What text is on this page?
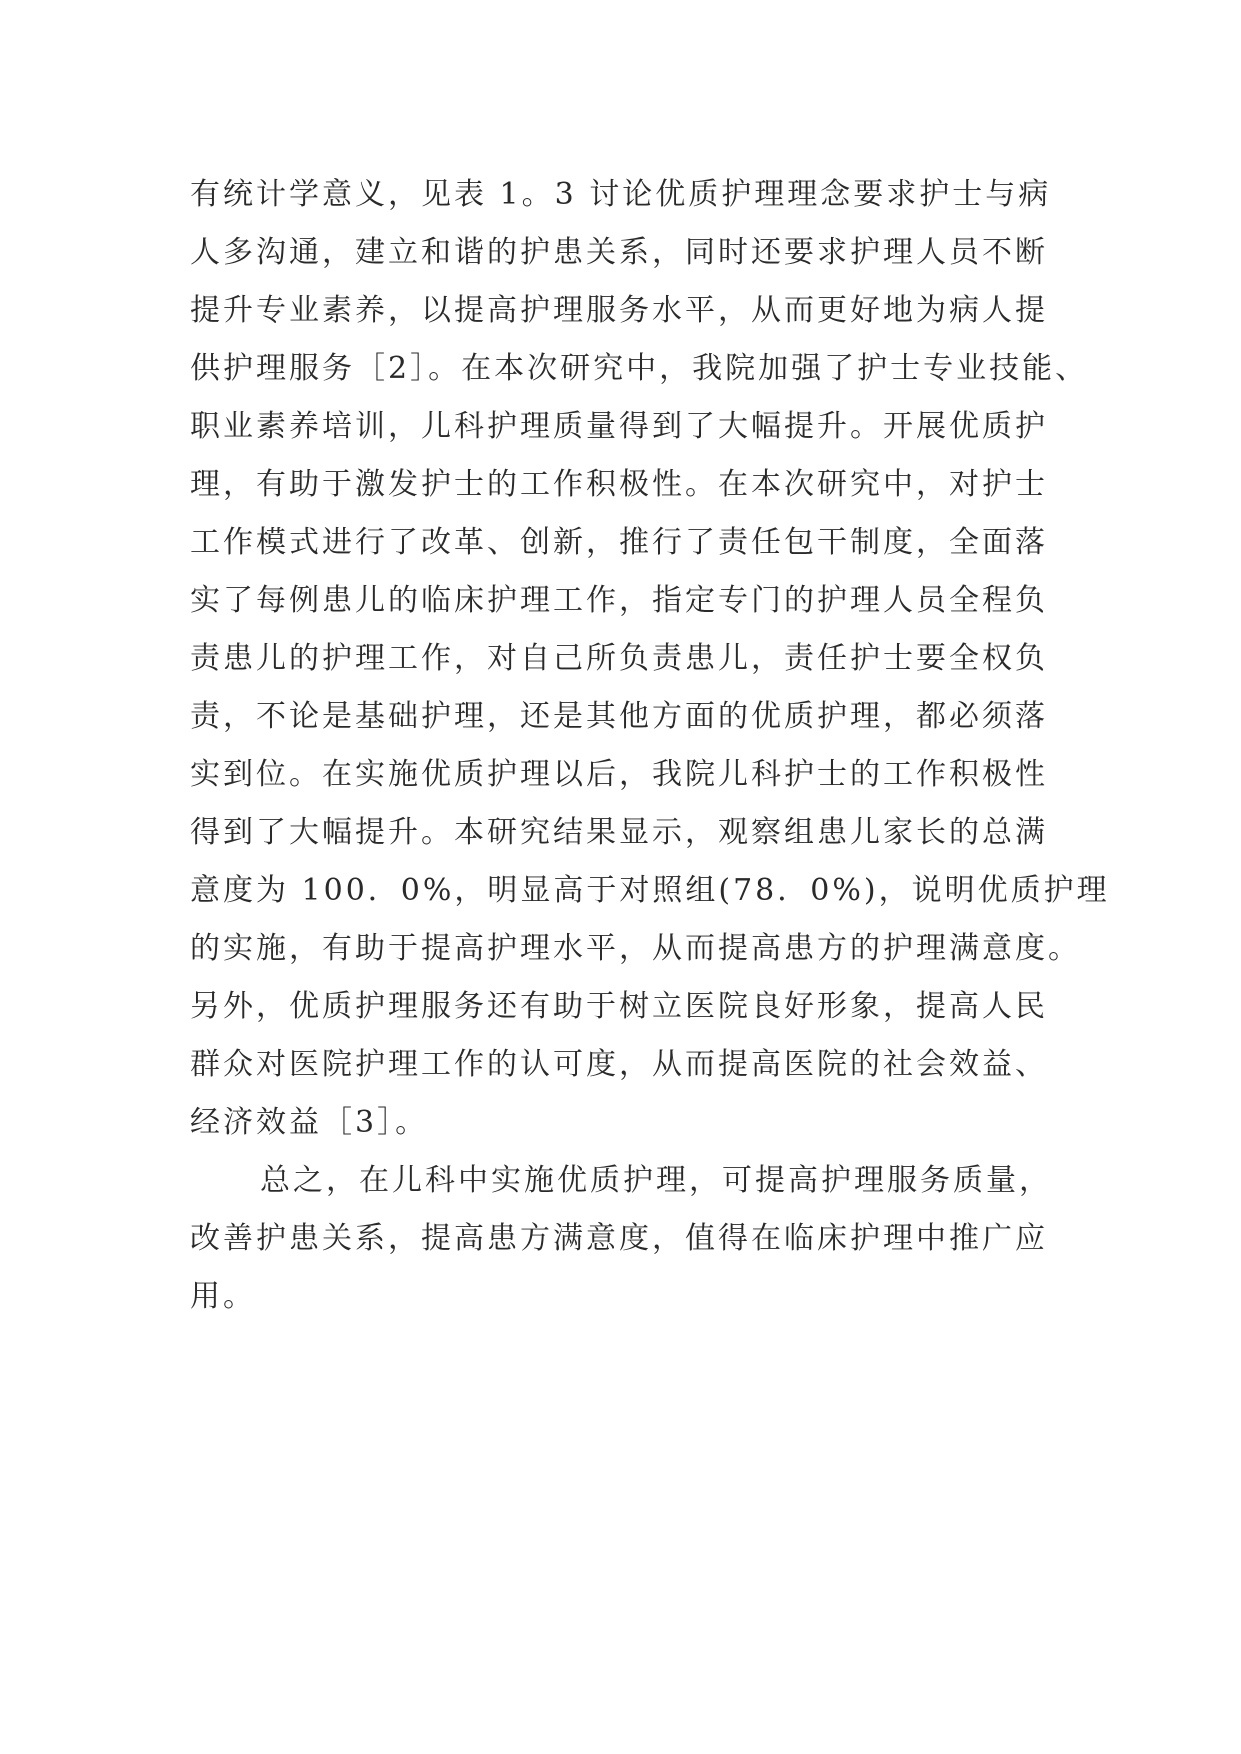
有统计学意义，见表 1。3 讨论优质护理理念要求护士与病
人多沟通，建立和谐的护患关系，同时还要求护理人员不断
提升专业素养，以提高护理服务水平，从而更好地为病人提
供护理服务［2］。在本次研究中，我院加强了护士专业技能、
职业素养培训，儿科护理质量得到了大幅提升。开展优质护
理，有助于激发护士的工作积极性。在本次研究中，对护士
工作模式进行了改革、创新，推行了责任包干制度，全面落
实了每例患儿的临床护理工作，指定专门的护理人员全程负
责患儿的护理工作，对自己所负责患儿，责任护士要全权负
责，不论是基础护理，还是其他方面的优质护理，都必须落
实到位。在实施优质护理以后，我院儿科护士的工作积极性
得到了大幅提升。本研究结果显示，观察组患儿家长的总满
意度为 100．0%，明显高于对照组(78．0%)，说明优质护理
的实施，有助于提高护理水平，从而提高患方的护理满意度。
另外，优质护理服务还有助于树立医院良好形象，提高人民
群众对医院护理工作的认可度，从而提高医院的社会效益、
经济效益［3］。
总之，在儿科中实施优质护理，可提高护理服务质量，
改善护患关系，提高患方满意度，值得在临床护理中推广应
用。
